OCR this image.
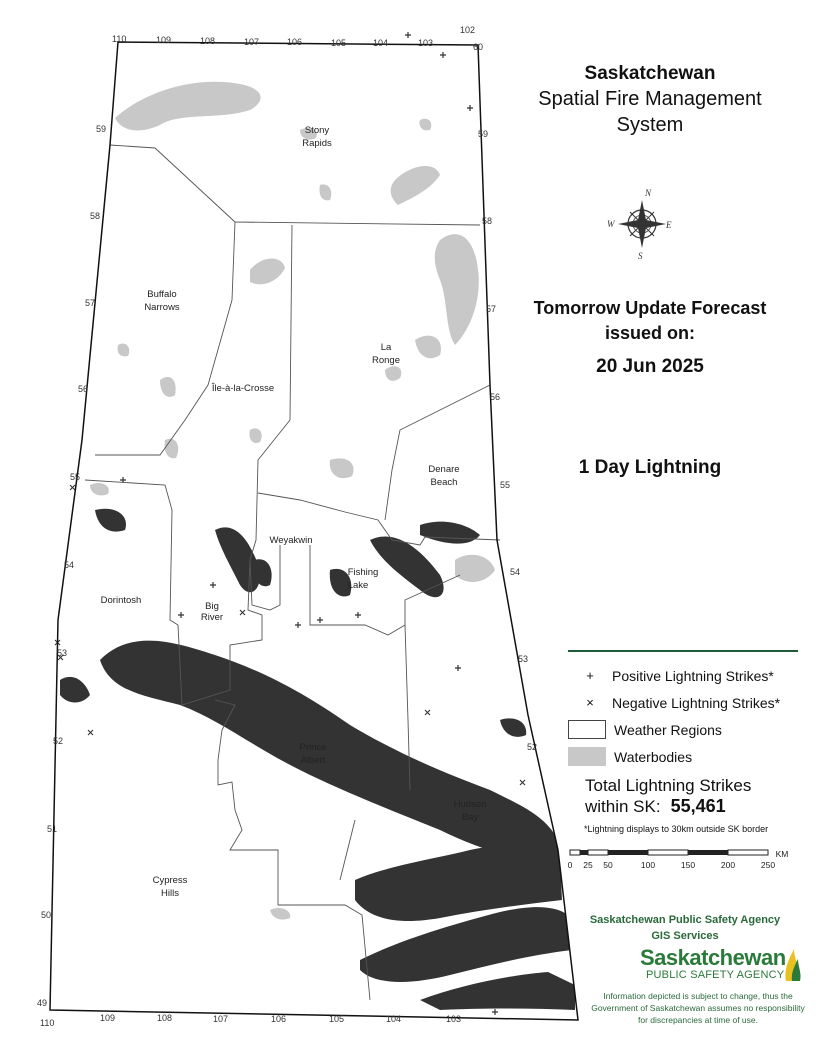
110	109	108	107	106	105	104	103
102
60
59
58
57
56
55
54
53
52
51
50
49
59
58
57
56
55
54
53
52
51
50
110	109	108	107	106	105	104	103
Stony
Rapids
Buffalo
Narrows
La
Ronge
Île-à-la-Crosse
Denare
Beach
Weyakwin
Fishing
Lake
Dorintosh
Big
River
Prince
Albert
Hudson
Bay
Cypress
Hills
N
E
S
W
Saskatchewan
Spatial Fire Management
System
Tomorrow Update Forecast
issued on:
20 Jun 2025
1 Day Lightning
+	Positive Lightning Strikes*
×	Negative Lightning Strikes*
Weather Regions
Waterbodies
Total Lightning Strikes
within SK: 55,461
*Lightning displays to 30km outside SK border
0 25 50	100	150	200	250
KM
Saskatchewan Public Safety Agency
GIS Services
Saskatchewan
PUBLIC SAFETY AGENCY
Information depicted is subject to change, thus the Government of Saskatchewan assumes no responsibility for discrepancies at time of use.
